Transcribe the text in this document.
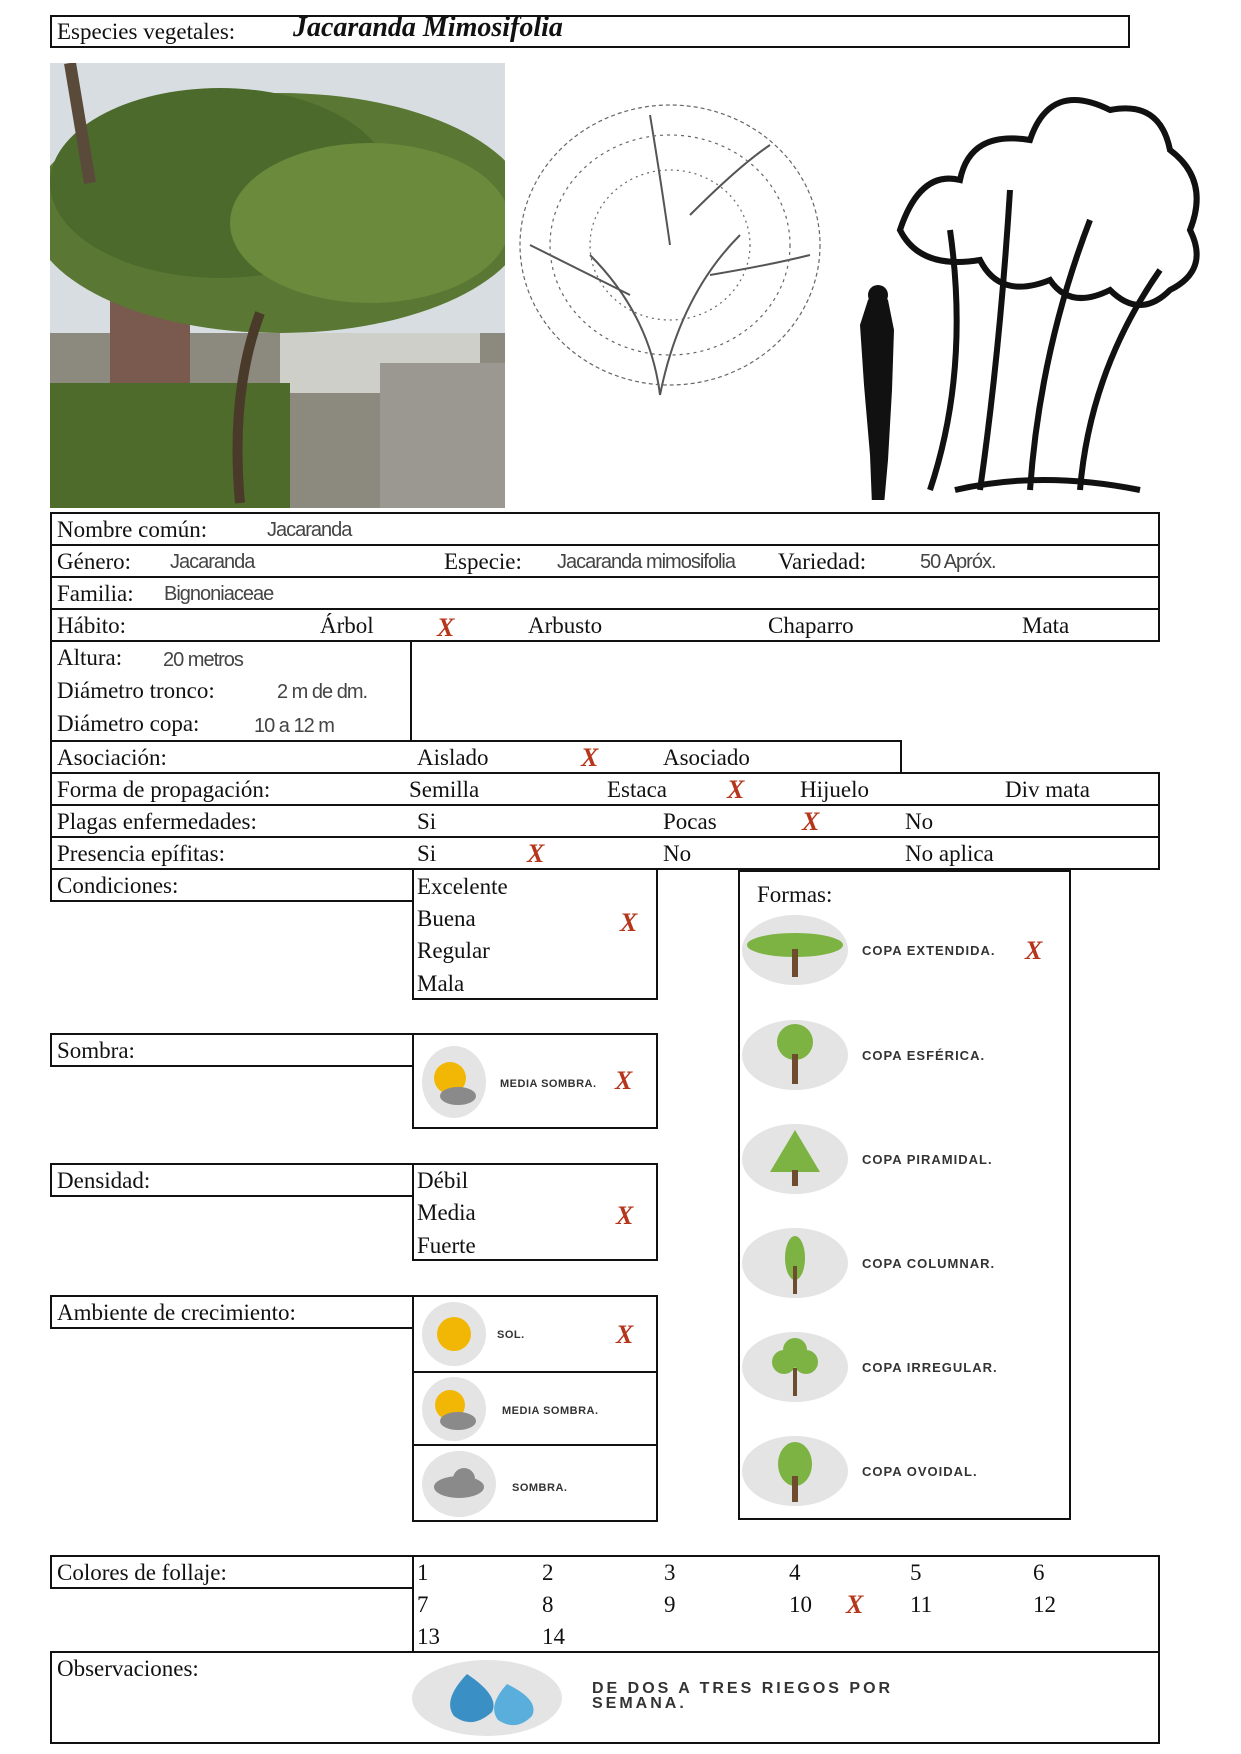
Especies vegetales: Jacaranda Mimosifolia
Nombre común:	Jacaranda
Género: Jacaranda	Especie: Jacaranda mimosifolia Variedad:	50 Apróx.
Familia: Bignoniaceae
Hábito:	Árbol X	Arbusto	Chaparro	Mata
Altura: 20 metros
Diámetro tronco:	2 m de dm.
Diámetro copa:	10 a 12 m
Asociación:	Aislado	X	Asociado
Forma de propagación:	Semilla	Estaca X Hijuelo	Div mata
Plagas enfermedades:	Si	Pocas	X	No
Presencia epífitas:	Si	X	No	No aplica
Condiciones:	Excelente
Buena	X
Regular
Mala
Sombra:
MEDIA SOMBRA. X
Densidad:	Débil
Media	X
Fuerte
Ambiente de crecimiento:
SOL.	X
MEDIA SOMBRA.
SOMBRA.
Formas:
COPA EXTENDIDA. X
COPA ESFÉRICA.
COPA PIRAMIDAL.
COPA COLUMNAR.
COPA IRREGULAR.
COPA OVOIDAL.
Colores de follaje:	1	2	3	4	5	6
7	8	9	10 X 11	12
13	14
Observaciones:
DE DOS A TRES RIEGOS POR SEMANA.
